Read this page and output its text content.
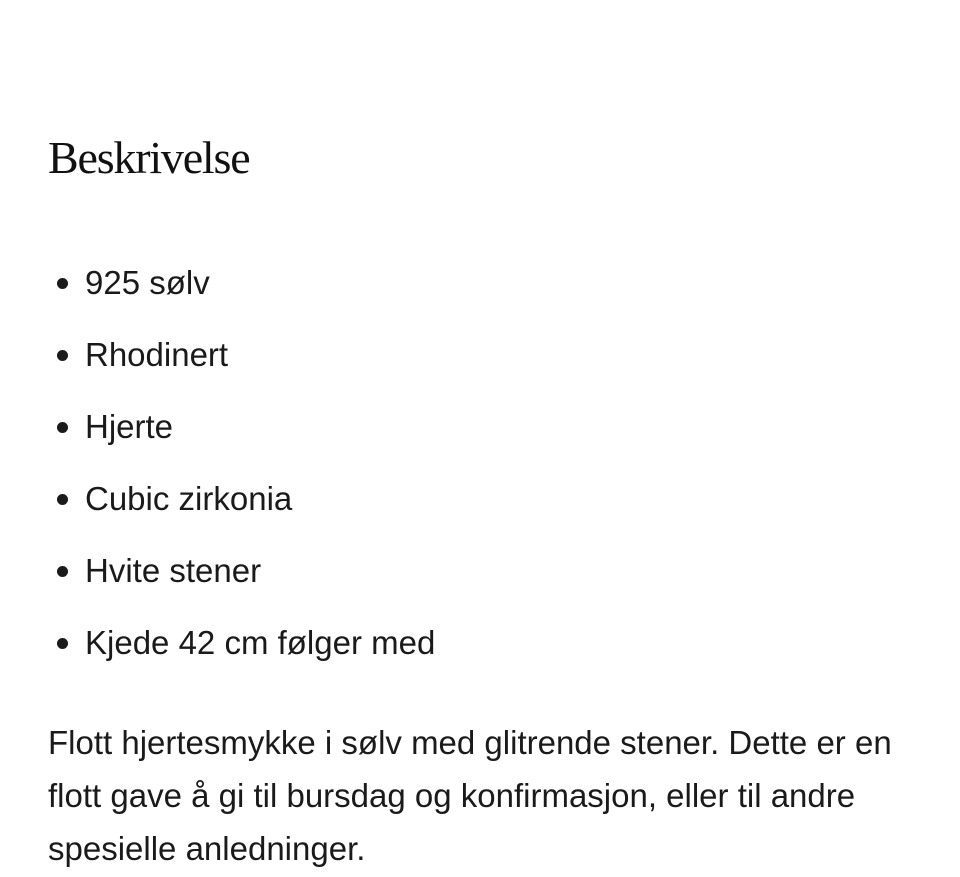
Beskrivelse
925 sølv
Rhodinert
Hjerte
Cubic zirkonia
Hvite stener
Kjede 42 cm følger med

Flott hjertesmykke i sølv med glitrende stener. Dette er en flott gave å gi til bursdag og konfirmasjon, eller til andre spesielle anledninger.
